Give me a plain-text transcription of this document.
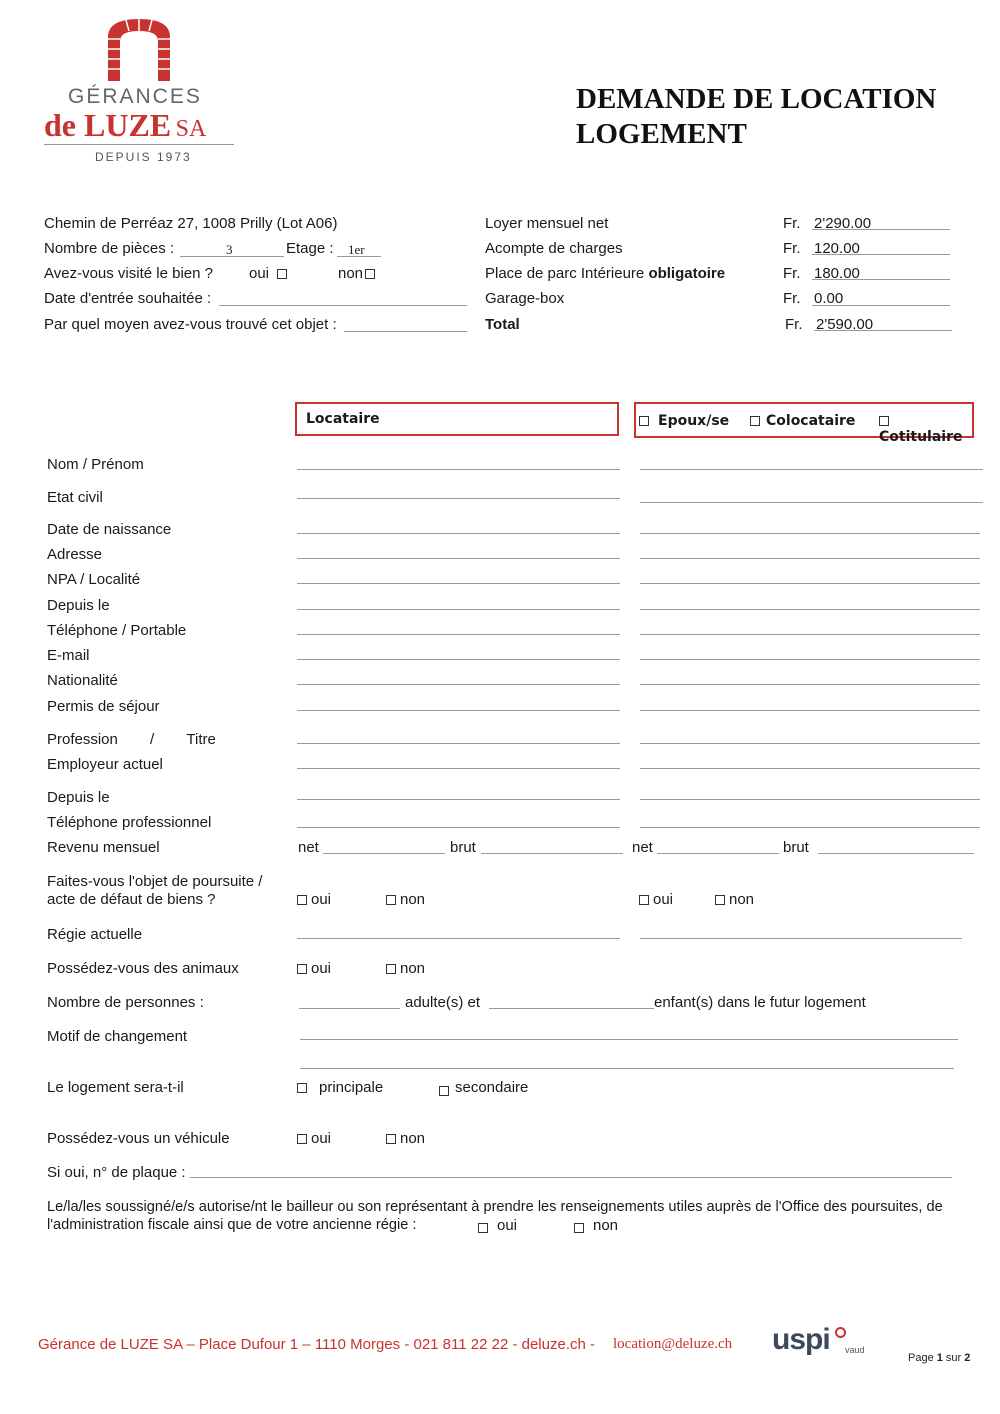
GÉRANCES
de LUZE SA
DEPUIS 1973
DEMANDE DE LOCATION
LOGEMENT
Chemin de Perréaz 27, 1008 Prilly (Lot A06)
Nombre de pièces :	3	Etage : 1er
Avez-vous visité le bien ? oui	non
Date d'entrée souhaitée :
Par quel moyen avez-vous trouvé cet objet :
Loyer mensuel net	Fr. 2'290.00
Acompte de charges	Fr. 120.00
Place de parc Intérieure obligatoire	Fr. 180.00
Garage-box	Fr. 0.00
Total	Fr. 2'590.00
Locataire	Epoux/se	Colocataire
Cotitulaire
Nom / Prénom
Etat civil
Date de naissance
Adresse
NPA / Localité
Depuis le
Téléphone / Portable
E-mail
Nationalité
Permis de séjour
Profession / Titre
Employeur actuel
Depuis le
Téléphone professionnel
Revenu mensuel	net	brut	net	brut
Faites-vous l'objet de poursuite /
acte de défaut de biens ?	oui	non	oui	non
Régie actuelle
Possédez-vous des animaux	oui	non
Nombre de personnes :	adulte(s) et	enfant(s) dans le futur logement
Motif de changement
Le logement sera-t-il	principale	secondaire
Possédez-vous un véhicule	oui	non
Si oui, n° de plaque :
Le/la/les soussigné/e/s autorise/nt le bailleur ou son représentant à prendre les renseignements utiles auprès de l'Office des poursuites, de
l'administration fiscale ainsi que de votre ancienne régie :	oui	non
Gérance de LUZE SA – Place Dufour 1 – 1110 Morges - 021 811 22 22 - deluze.ch - location@deluze.ch uspi vaud
Page 1 sur 2
